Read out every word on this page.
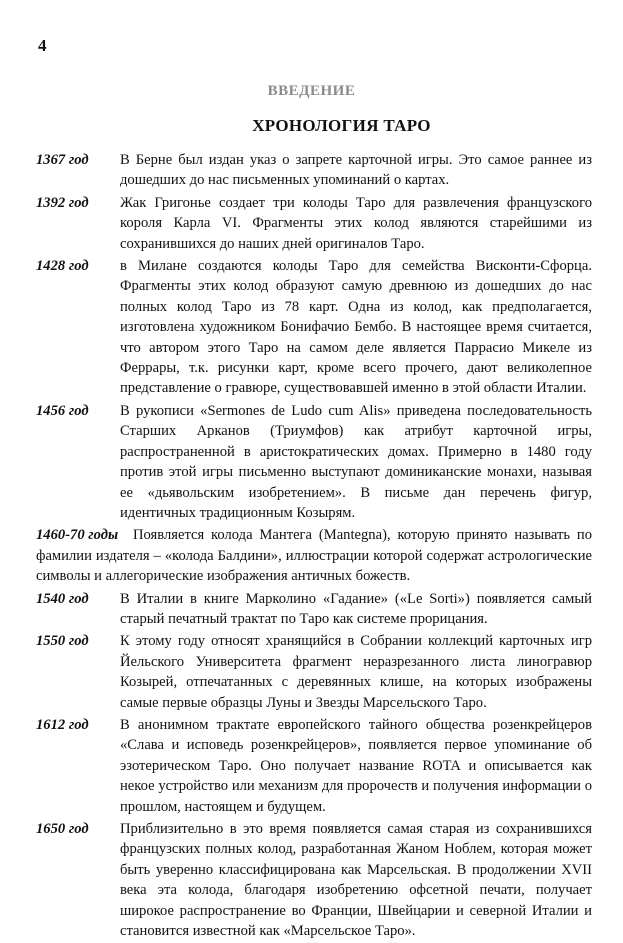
4
ВВЕДЕНИЕ
ХРОНОЛОГИЯ ТАРО
1367 год В Берне был издан указ о запрете карточной игры. Это самое раннее из дошедших до нас письменных упоминаний о картах.
1392 год Жак Григонье создает три колоды Таро для развлечения французского короля Карла VI. Фрагменты этих колод являются старейшими из сохранившихся до наших дней оригиналов Таро.
1428 год в Милане создаются колоды Таро для семейства Висконти-Сфорца. Фрагменты этих колод образуют самую древнюю из дошедших до нас полных колод Таро из 78 карт. Одна из колод, как предполагается, изготовлена художником Бонифачио Бембо. В настоящее время считается, что автором этого Таро на самом деле является Паррасио Микеле из Феррары, т.к. рисунки карт, кроме всего прочего, дают великолепное представление о гравюре, существовавшей именно в этой области Италии.
1456 год В рукописи «Sermones de Ludo cum Alis» приведена последовательность Старших Арканов (Триумфов) как атрибут карточной игры, распространенной в аристократических домах. Примерно в 1480 году против этой игры письменно выступают доминиканские монахи, называя ее «дьявольским изобретением». В письме дан перечень фигур, идентичных традиционным Козырям.
1460-70 годы	Появляется колода Мантега (Mantegna), которую принято называть по фамилии издателя – «колода Балдини», иллюстрации которой содержат астрологические символы и аллегорические изображения античных божеств.
1540 год В Италии в книге Марколино «Гадание» («Le Sorti») появляется самый старый печатный трактат по Таро как системе прорицания.
1550 год К этому году относят хранящийся в Собрании коллекций карточных игр Йельского Университета фрагмент неразрезанного листа линогравюр Козырей, отпечатанных с деревянных клише, на которых изображены самые первые образцы Луны и Звезды Марсельского Таро.
1612 год В анонимном трактате европейского тайного общества розенкрейцеров «Слава и исповедь розенкрейцеров», появляется первое упоминание об эзотерическом Таро. Оно получает название ROTA и описывается как некое устройство или механизм для пророчеств и получения информации о прошлом, настоящем и будущем.
1650 год Приблизительно в это время появляется самая старая из сохранившихся французских полных колод, разработанная Жаном Ноблем, которая может быть уверенно классифицирована как Марсельская. В продолжении XVII века эта колода, благодаря изобретению офсетной печати, получает широкое распространение во Франции, Швейцарии и северной Италии и становится известной как «Марсельское Таро».
